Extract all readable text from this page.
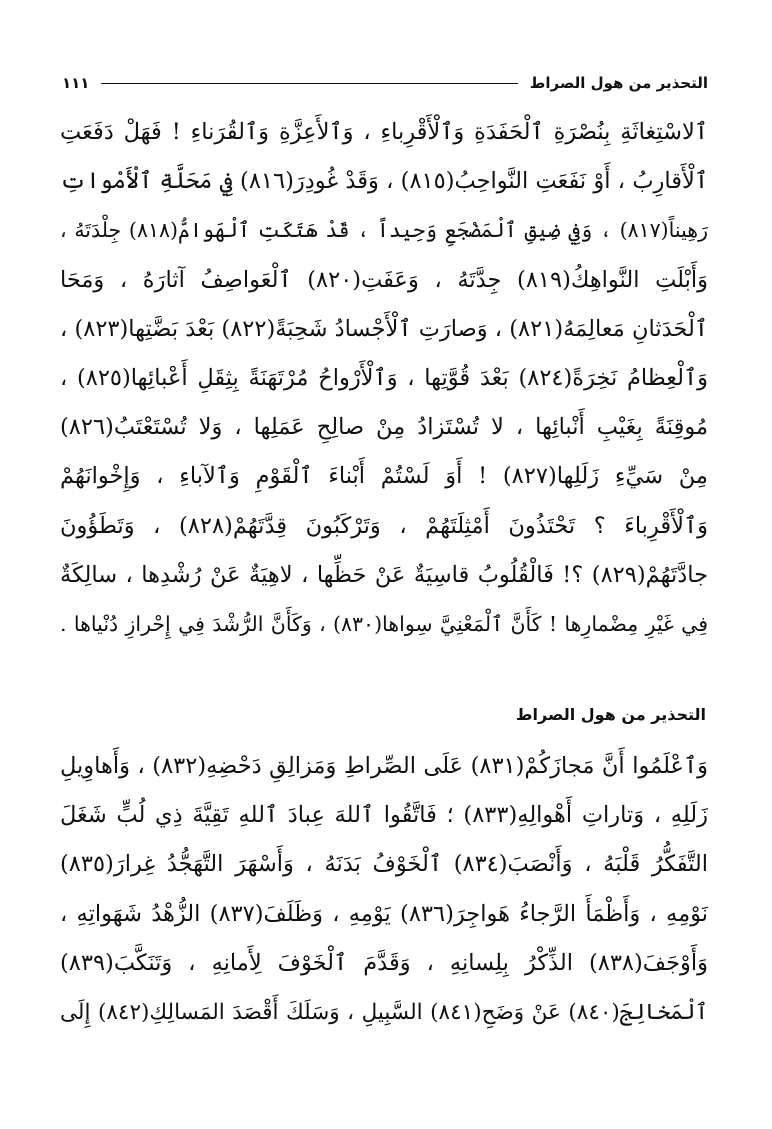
التحذير من هول الصراط
١١١
ٱلاسْتِغاثَةِ بِنُصْرَةِ ٱلْحَفَدَةِ وَٱلْأَقْرِباءِ ، وَٱلأَعِزَّةِ وَٱلقُرَناءِ ! فَهَلْ دَفَعَتِ
ٱلْأَقارِبُ ، أَوْ نَفَعَتِ النَّواحِبُ(٨١٥) ، وَقَدْ غُودِرَ(٨١٦) فِي مَحَلَّةِ ٱلْأَمْواتِ
رَهِيناً(٨١٧) ، وَفِي ضِيقِ ٱلْمَضْجَعِ وَحِيداً ، قَدْ هَتَكَتِ ٱلْهَوامُّ(٨١٨) جِلْدَتَهُ ،
وَأَبْلَتِ النَّواهِكُ(٨١٩) جِدَّتَهُ ، وَعَفَتِ(٨٢٠) ٱلْعَواصِفُ آثارَهُ ، وَمَحَا
ٱلْحَدَثانِ مَعالِمَهُ(٨٢١) ، وَصارَتِ ٱلْأَجْسادُ شَحِبَةً(٨٢٢) بَعْدَ بَضَّتِها(٨٢٣) ،
وَٱلْعِظامُ نَخِرَةً(٨٢٤) بَعْدَ قُوَّتِها ، وَٱلْأَرْواحُ مُرْتَهَنَةً بِثِقَلِ أَعْبائِها(٨٢٥) ،
مُوقِنَةً بِغَيْبِ أَنْبائِها ، لا تُسْتَزادُ مِنْ صالِحِ عَمَلِها ، وَلا تُسْتَعْتَبُ(٨٢٦)
مِنْ سَيِّءِ زَلَلِها(٨٢٧) ! أَوَ لَسْتُمْ أَبْناءَ ٱلْقَوْمِ وَٱلآباءِ ، وَإِخْوانَهُمْ
وَٱلْأَقْرِباءَ ؟ تَحْتَذُونَ أَمْثِلَتَهُمْ ، وَتَرْكَبُونَ قِدَّتَهُمْ(٨٢٨) ، وَتَطَؤُونَ
جادَّتَهُمْ(٨٢٩) ؟! فَالْقُلُوبُ قاسِيَةٌ عَنْ حَظِّها ، لاهِيَةٌ عَنْ رُشْدِها ، سالِكَةٌ
فِي غَيْرِ مِضْمارِها ! كَأَنَّ ٱلْمَعْنِيَّ سِواها(٨٣٠) ، وَكَأَنَّ الرُّشْدَ فِي إِحْرازِ دُنْياها .
التحذير من هول الصراط
وَٱعْلَمُوا أَنَّ مَجازَكُمْ(٨٣١) عَلَى الصِّراطِ وَمَزالِقِ دَحْضِهِ(٨٣٢) ، وَأَهاوِيلِ
زَلَلِهِ ، وَتاراتِ أَهْوالِهِ(٨٣٣) ؛ فَاتَّقُوا ٱللهَ عِبادَ ٱللهِ تَقِيَّةَ ذِي لُبٍّ شَغَلَ
التَّفَكُّرُ قَلْبَهُ ، وَأَنْصَبَ(٨٣٤) ٱلْخَوْفُ بَدَنَهُ ، وَأَسْهَرَ التَّهَجُّدُ غِرارَ(٨٣٥)
نَوْمِهِ ، وَأَظْمَأَ الرَّجاءُ هَواجِرَ(٨٣٦) يَوْمِهِ ، وَظَلَفَ(٨٣٧) الزُّهْدُ شَهَواتِهِ ،
وَأَوْجَفَ(٨٣٨) الذِّكْرُ بِلِسانِهِ ، وَقَدَّمَ ٱلْخَوْفَ لِأَمانِهِ ، وَتَنَكَّبَ(٨٣٩)
ٱلْمَخالِجَ(٨٤٠) عَنْ وَضَحِ(٨٤١) السَّبِيلِ ، وَسَلَكَ أَقْصَدَ المَسالِكِ(٨٤٢) إِلَى
